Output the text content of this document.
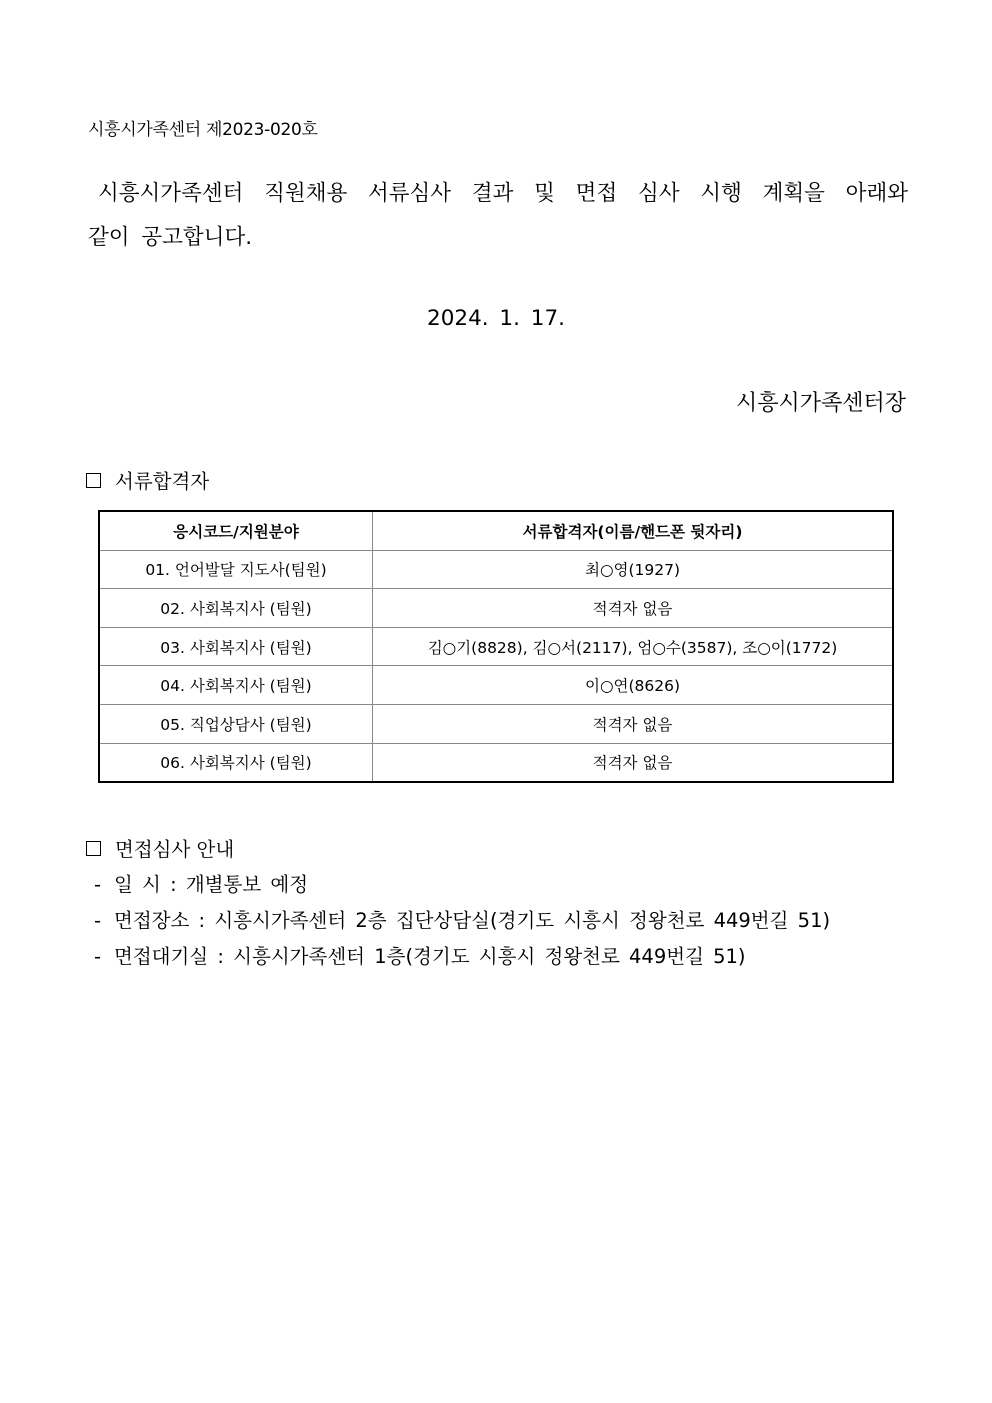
시흥시가족센터 제2023-020호
시흥시가족센터 직원채용 서류심사 결과 및 면접 심사 시행 계획을 아래와
같이 공고합니다.
2024. 1. 17.
시흥시가족센터장
서류합격자
응시코드/지원분야	서류합격자(이름/핸드폰 뒷자리)
01. 언어발달 지도사(팀원)	최○영(1927)
02. 사회복지사 (팀원)	적격자 없음
03. 사회복지사 (팀원)	김○기(8828), 김○서(2117), 엄○수(3587), 조○이(1772)
04. 사회복지사 (팀원)	이○연(8626)
05. 직업상담사 (팀원)	적격자 없음
06. 사회복지사 (팀원)	적격자 없음
면접심사 안내
- 일 시 : 개별통보 예정
- 면접장소 : 시흥시가족센터 2층 집단상담실(경기도 시흥시 정왕천로 449번길 51)
- 면접대기실 : 시흥시가족센터 1층(경기도 시흥시 정왕천로 449번길 51)
